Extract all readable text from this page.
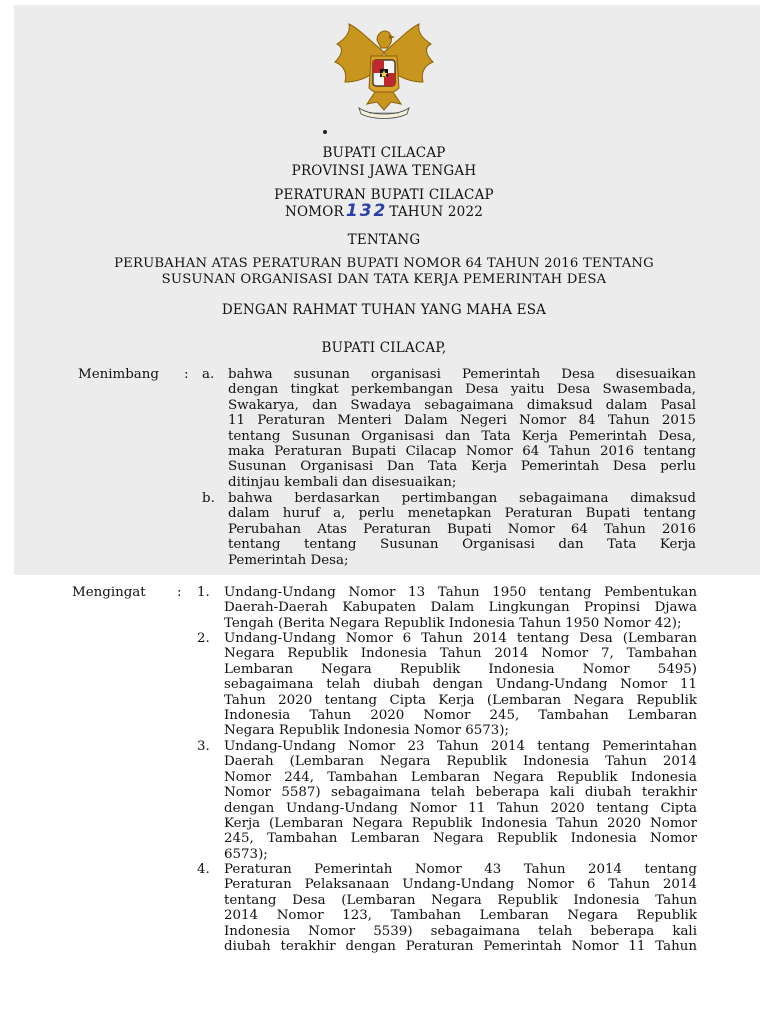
BUPATI CILACAP
PROVINSI JAWA TENGAH
PERATURAN BUPATI CILACAP
NOMOR 132 TAHUN 2022
TENTANG
PERUBAHAN ATAS PERATURAN BUPATI NOMOR 64 TAHUN 2016 TENTANG
SUSUNAN ORGANISASI DAN TATA KERJA PEMERINTAH DESA
DENGAN RAHMAT TUHAN YANG MAHA ESA
BUPATI CILACAP,
Menimbang : a. bahwa susunan organisasi Pemerintah Desa disesuaikan
dengan tingkat perkembangan Desa yaitu Desa Swasembada,
Swakarya, dan Swadaya sebagaimana dimaksud dalam Pasal
11 Peraturan Menteri Dalam Negeri Nomor 84 Tahun 2015
tentang Susunan Organisasi dan Tata Kerja Pemerintah Desa,
maka Peraturan Bupati Cilacap Nomor 64 Tahun 2016 tentang
Susunan Organisasi Dan Tata Kerja Pemerintah Desa perlu
ditinjau kembali dan disesuaikan;
b. bahwa berdasarkan pertimbangan sebagaimana dimaksud
dalam huruf a, perlu menetapkan Peraturan Bupati tentang
Perubahan Atas Peraturan Bupati Nomor 64 Tahun 2016
tentang tentang Susunan Organisasi dan Tata Kerja
Pemerintah Desa;
Mengingat : 1. Undang-Undang Nomor 13 Tahun 1950 tentang Pembentukan
Daerah-Daerah Kabupaten Dalam Lingkungan Propinsi Djawa
Tengah (Berita Negara Republik Indonesia Tahun 1950 Nomor 42);
2. Undang-Undang Nomor 6 Tahun 2014 tentang Desa (Lembaran
Negara Republik Indonesia Tahun 2014 Nomor 7, Tambahan
Lembaran Negara Republik Indonesia Nomor 5495)
sebagaimana telah diubah dengan Undang-Undang Nomor 11
Tahun 2020 tentang Cipta Kerja (Lembaran Negara Republik
Indonesia Tahun 2020 Nomor 245, Tambahan Lembaran
Negara Republik Indonesia Nomor 6573);
3. Undang-Undang Nomor 23 Tahun 2014 tentang Pemerintahan
Daerah (Lembaran Negara Republik Indonesia Tahun 2014
Nomor 244, Tambahan Lembaran Negara Republik Indonesia
Nomor 5587) sebagaimana telah beberapa kali diubah terakhir
dengan Undang-Undang Nomor 11 Tahun 2020 tentang Cipta
Kerja (Lembaran Negara Republik Indonesia Tahun 2020 Nomor
245, Tambahan Lembaran Negara Republik Indonesia Nomor
6573);
4. Peraturan Pemerintah Nomor 43 Tahun 2014 tentang
Peraturan Pelaksanaan Undang-Undang Nomor 6 Tahun 2014
tentang Desa (Lembaran Negara Republik Indonesia Tahun
2014 Nomor 123, Tambahan Lembaran Negara Republik
Indonesia Nomor 5539) sebagaimana telah beberapa kali
diubah terakhir dengan Peraturan Pemerintah Nomor 11 Tahun
